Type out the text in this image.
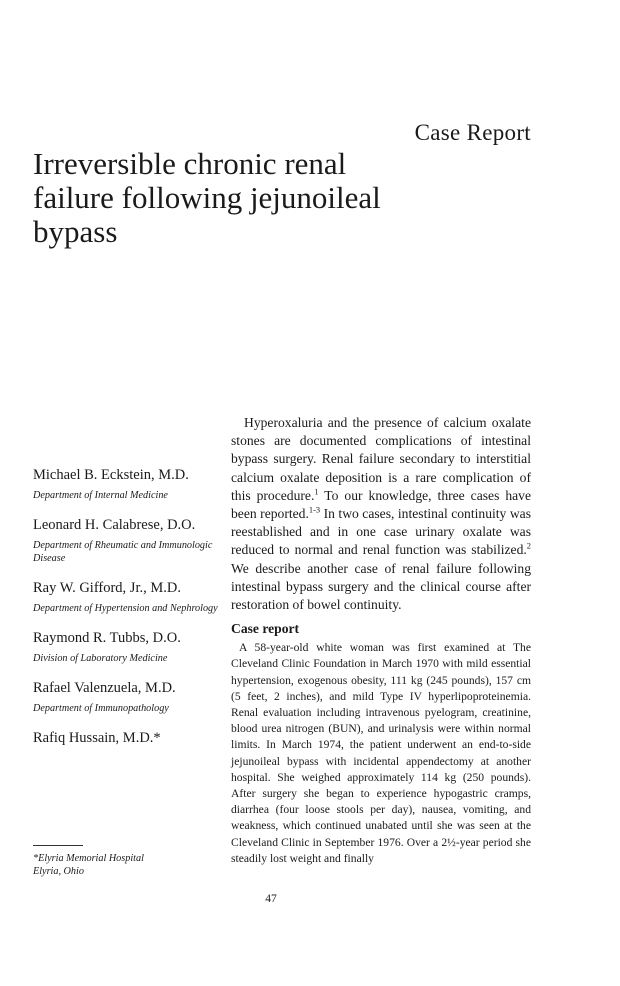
Case Report
Irreversible chronic renal
failure following jejunoileal
bypass
Michael B. Eckstein, M.D.
Department of Internal Medicine
Leonard H. Calabrese, D.O.
Department of Rheumatic and Immunologic Disease
Ray W. Gifford, Jr., M.D.
Department of Hypertension and Nephrology
Raymond R. Tubbs, D.O.
Division of Laboratory Medicine
Rafael Valenzuela, M.D.
Department of Immunopathology
Rafiq Hussain, M.D.*
*Elyria Memorial Hospital
Elyria, Ohio

Hyperoxaluria and the presence of calcium oxalate stones are documented complications of intestinal bypass surgery. Renal failure secondary to interstitial calcium oxalate deposition is a rare complication of this procedure.$^1$ To our knowledge, three cases have been reported.$^{1-3}$ In two cases, intestinal continuity was reestablished and in one case urinary oxalate was reduced to normal and renal function was stabilized.$^2$ We describe another case of renal failure following intestinal bypass surgery and the clinical course after restoration of bowel continuity.

Case report

A 58-year-old white woman was first examined at The Cleveland Clinic Foundation in March 1970 with mild essential hypertension, exogenous obesity, 111 kg (245 pounds), 157 cm (5 feet, 2 inches), and mild Type IV hyperlipoproteinemia. Renal evaluation including intravenous pyelogram, creatinine, blood urea nitrogen (BUN), and urinalysis were within normal limits. In March 1974, the patient underwent an end-to-side jejunoileal bypass with incidental appendectomy at another hospital. She weighed approximately 114 kg (250 pounds). After surgery she began to experience hypogastric cramps, diarrhea (four loose stools per day), nausea, vomiting, and weakness, which continued unabated until she was seen at the Cleveland Clinic in September 1976. Over a 2½-year period she steadily lost weight and finally

47
